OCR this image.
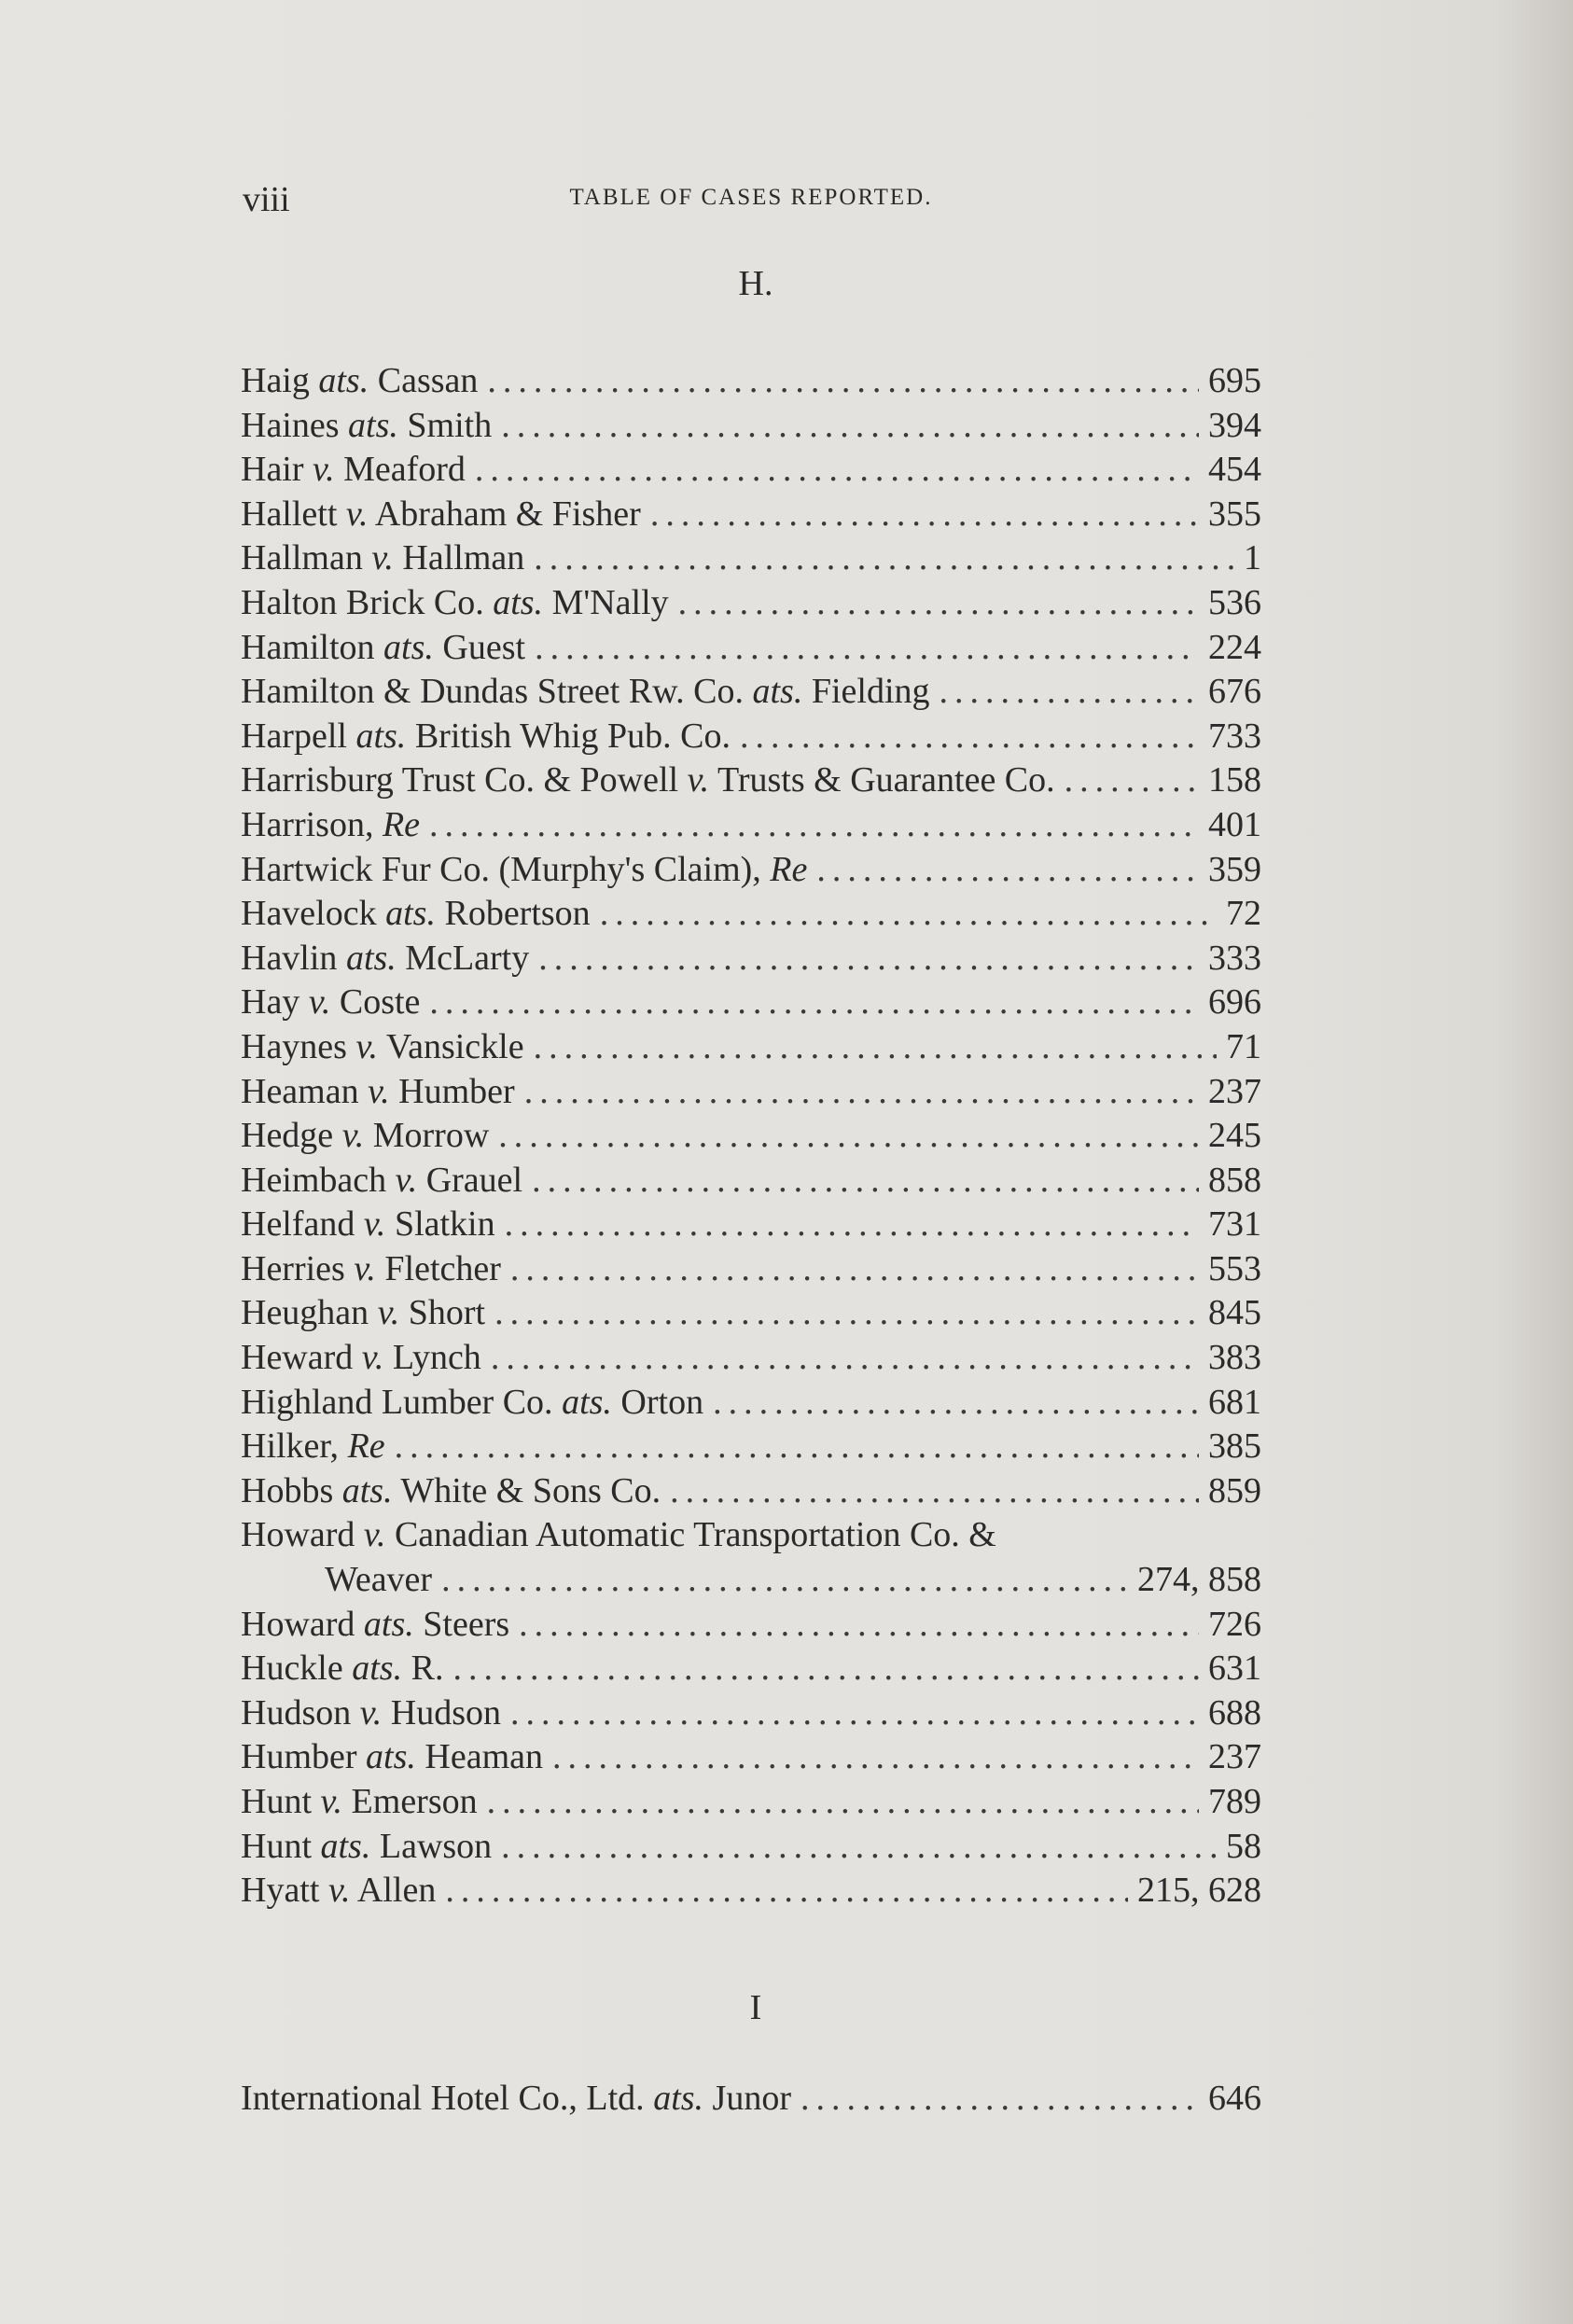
viii	TABLE OF CASES REPORTED.
H.
Haig ats. Cassan .....	695
Haines ats. Smith .....	394
Hair v. Meaford .....	454
Hallett v. Abraham & Fisher .....	355
Hallman v. Hallman .....	1
Halton Brick Co. ats. M'Nally .....	536
Hamilton ats. Guest .....	224
Hamilton & Dundas Street Rw. Co. ats. Fielding .....	676
Harpell ats. British Whig Pub. Co. .....	733
Harrisburg Trust Co. & Powell v. Trusts & Guarantee Co. .....	158
Harrison, Re .....	401
Hartwick Fur Co. (Murphy's Claim), Re .....	359
Havelock ats. Robertson .....	72
Havlin ats. McLarty .....	333
Hay v. Coste .....	696
Haynes v. Vansickle .....	71
Heaman v. Humber .....	237
Hedge v. Morrow .....	245
Heimbach v. Grauel .....	858
Helfand v. Slatkin .....	731
Herries v. Fletcher .....	553
Heughan v. Short .....	845
Heward v. Lynch .....	383
Highland Lumber Co. ats. Orton .....	681
Hilker, Re .....	385
Hobbs ats. White & Sons Co. .....	859
Howard v. Canadian Automatic Transportation Co. &
Weaver .....	274, 858
Howard ats. Steers .....	726
Huckle ats. R. .....	631
Hudson v. Hudson .....	688
Humber ats. Heaman .....	237
Hunt v. Emerson .....	789
Hunt ats. Lawson .....	58
Hyatt v. Allen .....	215, 628
I
International Hotel Co., Ltd. ats. Junor .....	646
